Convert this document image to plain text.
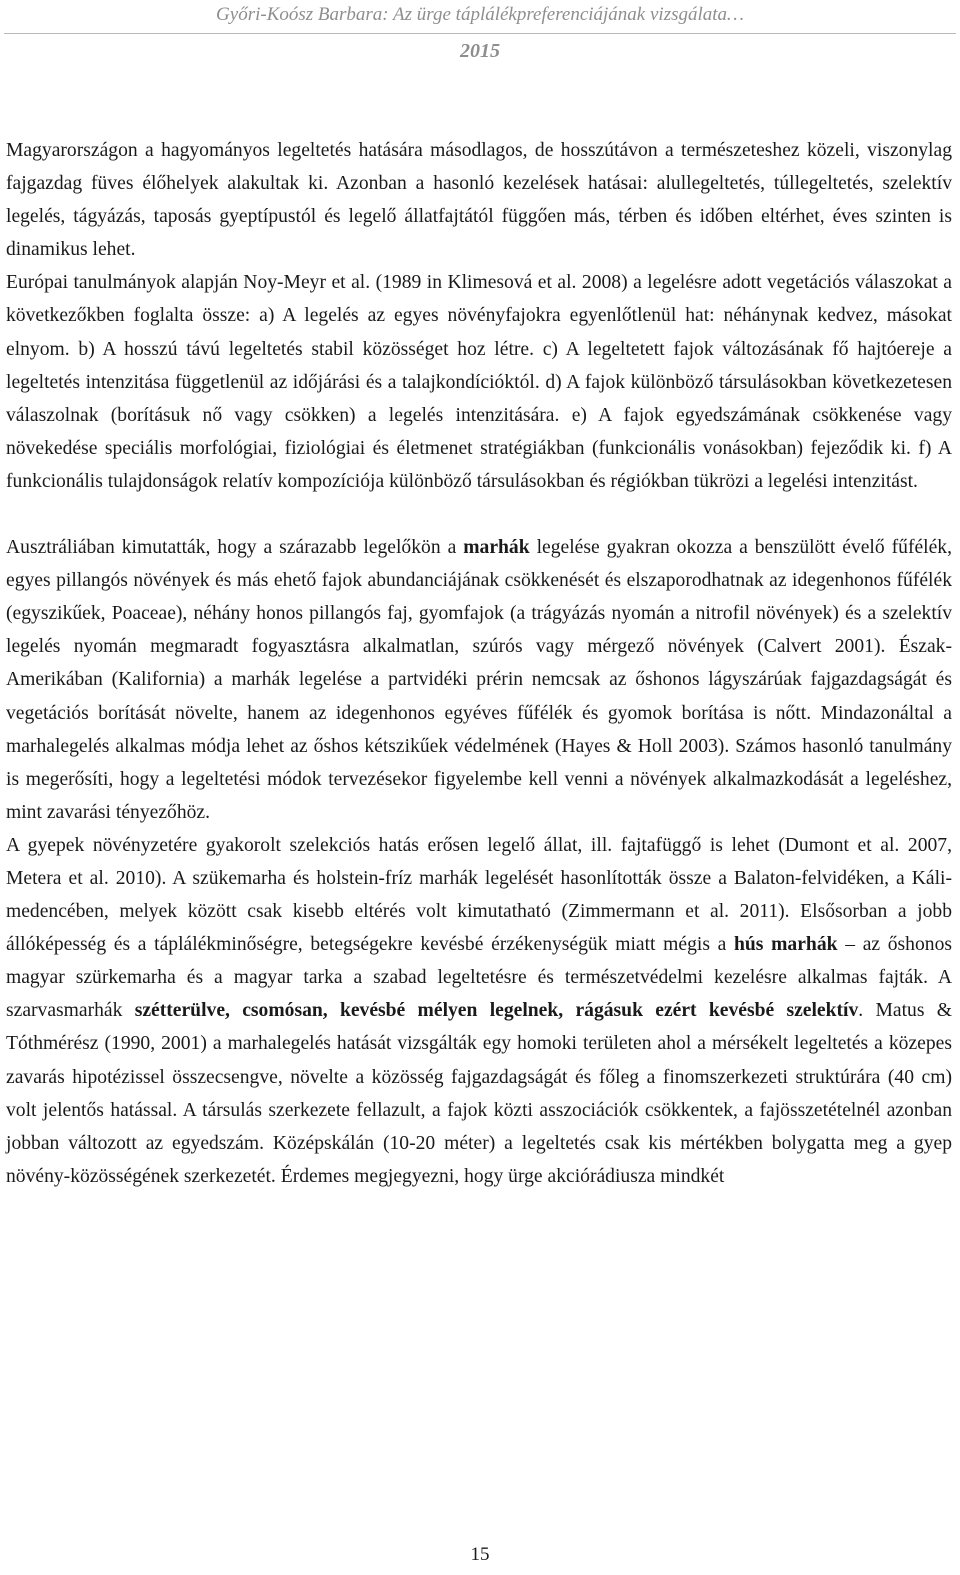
Győri-Koósz Barbara: Az ürge táplálékpreferenciájának vizsgálata…
2015

Magyarországon a hagyományos legeltetés hatására másodlagos, de hosszútávon a természeteshez közeli, viszonylag fajgazdag füves élőhelyek alakultak ki. Azonban a hasonló kezelések hatásai: alullegeltetés, túllegeltetés, szelektív legelés, tágyázás, taposás gyeptípustól és legelő állatfajtától függően más, térben és időben eltérhet, éves szinten is dinamikus lehet.

Európai tanulmányok alapján Noy-Meyr et al. (1989 in Klimesová et al. 2008) a legelésre adott vegetációs válaszokat a következőkben foglalta össze: a) A legelés az egyes növényfajokra egyenlőtlenül hat: néhánynak kedvez, másokat elnyom. b) A hosszú távú legeltetés stabil közösséget hoz létre. c) A legeltetett fajok változásának fő hajtóereje a legeltetés intenzitása függetlenül az időjárási és a talajkondícióktól. d) A fajok különböző társulásokban következetesen válaszolnak (borításuk nő vagy csökken) a legelés intenzitására. e) A fajok egyedszámának csökkenése vagy növekedése speciális morfológiai, fiziológiai és életmenet stratégiákban (funkcionális vonásokban) fejeződik ki. f) A funkcionális tulajdonságok relatív kompozíciója különböző társulásokban és régiókban tükrözi a legelési intenzitást.

Ausztráliában kimutatták, hogy a szárazabb legelőkön a marhák legelése gyakran okozza a benszülött évelő fűfélék, egyes pillangós növények és más ehető fajok abundanciájának csökkenését és elszaporodhatnak az idegenhonos fűfélék (egyszikűek, Poaceae), néhány honos pillangós faj, gyomfajok (a trágyázás nyomán a nitrofil növények) és a szelektív legelés nyomán megmaradt fogyasztásra alkalmatlan, szúrós vagy mérgező növények (Calvert 2001). Észak-Amerikában (Kalifornia) a marhák legelése a partvidéki prérin nemcsak az őshonos lágyszárúak fajgazdagságát és vegetációs borítását növelte, hanem az idegenhonos egyéves fűfélék és gyomok borítása is nőtt. Mindazonáltal a marhalegelés alkalmas módja lehet az őshos kétszikűek védelmének (Hayes & Holl 2003). Számos hasonló tanulmány is megerősíti, hogy a legeltetési módok tervezésekor figyelembe kell venni a növények alkalmazkodását a legeléshez, mint zavarási tényezőhöz.

A gyepek növényzetére gyakorolt szelekciós hatás erősen legelő állat, ill. fajtafüggő is lehet (Dumont et al. 2007, Metera et al. 2010). A szükemarha és holstein-fríz marhák legelését hasonlították össze a Balaton-felvidéken, a Káli-medencében, melyek között csak kisebb eltérés volt kimutatható (Zimmermann et al. 2011). Elsősorban a jobb állóképesség és a táplálékminőségre, betegségekre kevésbé érzékenységük miatt mégis a hús marhák – az őshonos magyar szürkemarha és a magyar tarka a szabad legeltetésre és természetvédelmi kezelésre alkalmas fajták. A szarvasmarhák szétterülve, csomósan, kevésbé mélyen legelnek, rágásuk ezért kevésbé szelektív. Matus & Tóthmérész (1990, 2001) a marhalegelés hatását vizsgálták egy homoki területen ahol a mérsékelt legeltetés a közepes zavarás hipotézissel összecsengve, növelte a közösség fajgazdagságát és főleg a finomszerkezeti struktúrára (40 cm) volt jelentős hatással. A társulás szerkezete fellazult, a fajok közti asszociációk csökkentek, a fajösszetételnél azonban jobban változott az egyedszám. Középskálán (10-20 méter) a legeltetés csak kis mértékben bolygatta meg a gyep növény-közösségének szerkezetét. Érdemes megjegyezni, hogy ürge akciórádiusza mindkét

15
